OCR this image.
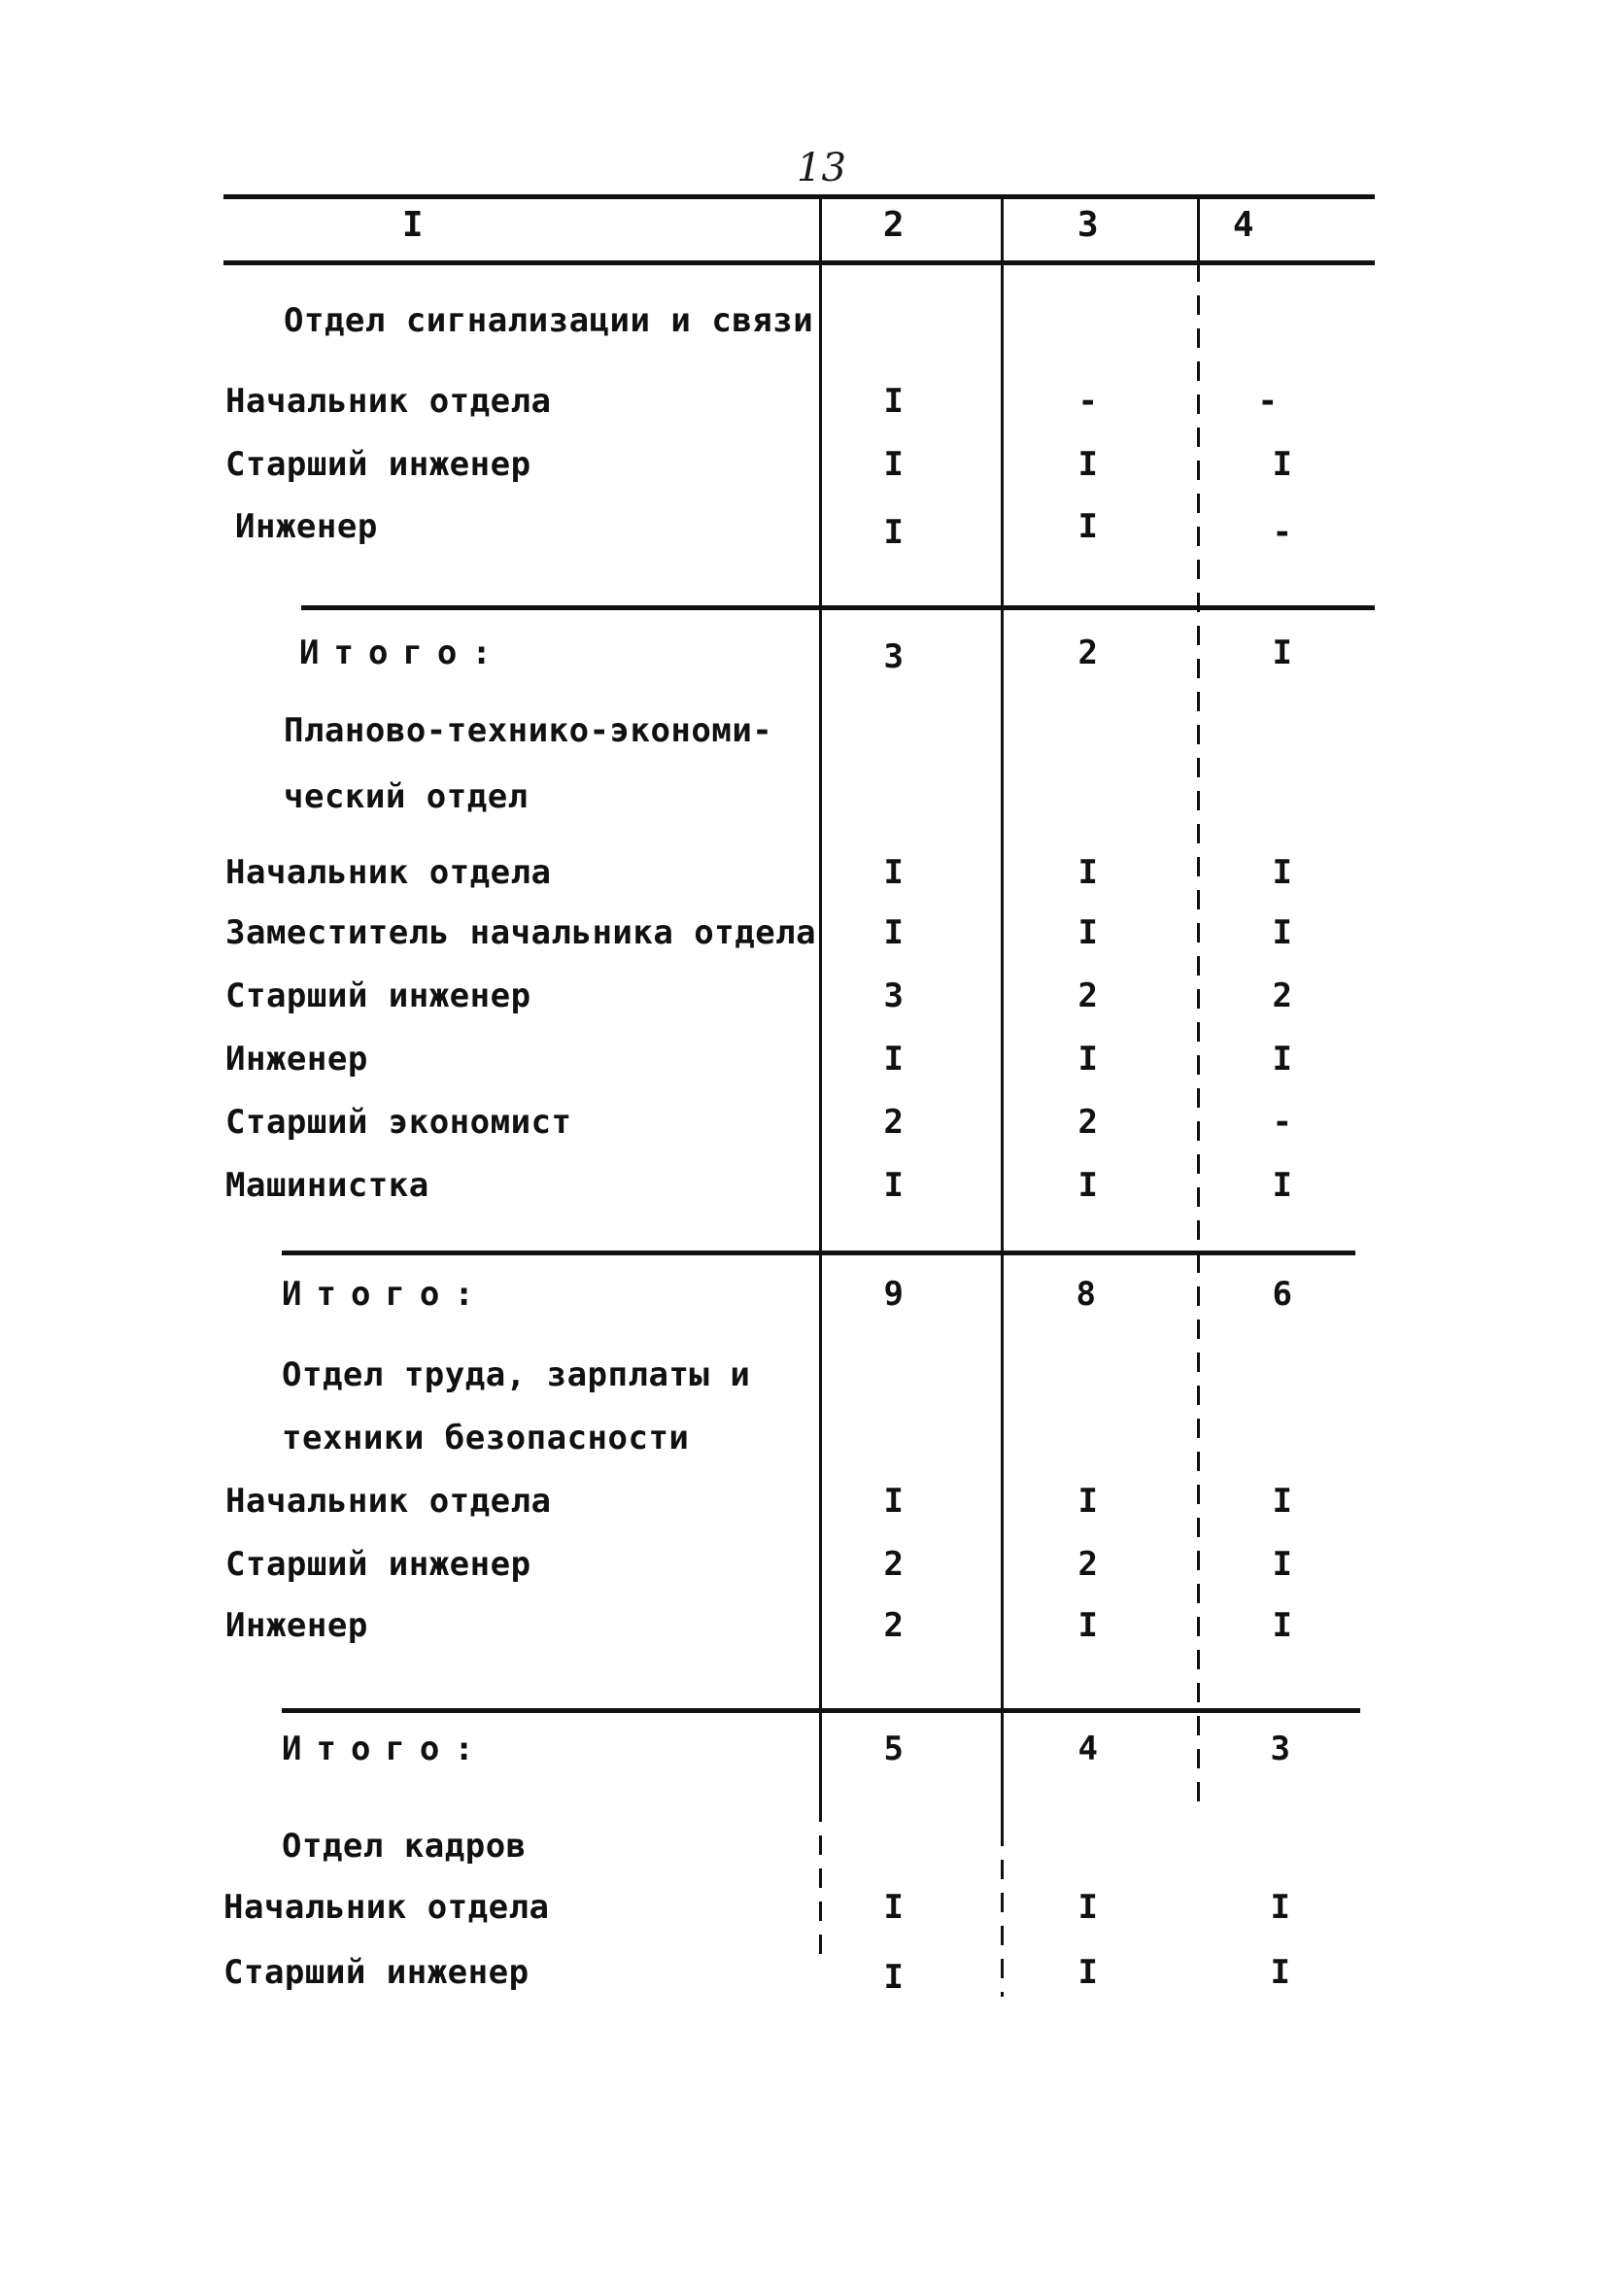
13
I	2	3	4
Отдел сигнализации и связи
Начальник отдела	I	-	-
Старший инженер	I	I	I
Инженер	I	I	-
Итого:	3	2	I
Планово-технико-экономи-
ческий отдел
Начальник отдела	I	I	I
Заместитель начальника отдела	I	I	I
Старший инженер	3	2	2
Инженер	I	I	I
Старший экономист	2	2	-
Машинистка	I	I	I
Итого:	9	8	6
Отдел труда, зарплаты и
техники безопасности
Начальник отдела	I	I	I
Старший инженер	2	2	I
Инженер	2	I	I
Итого:	5	4	3
Отдел кадров
Начальник отдела	I	I	I
Старший инженер	I	I	I
